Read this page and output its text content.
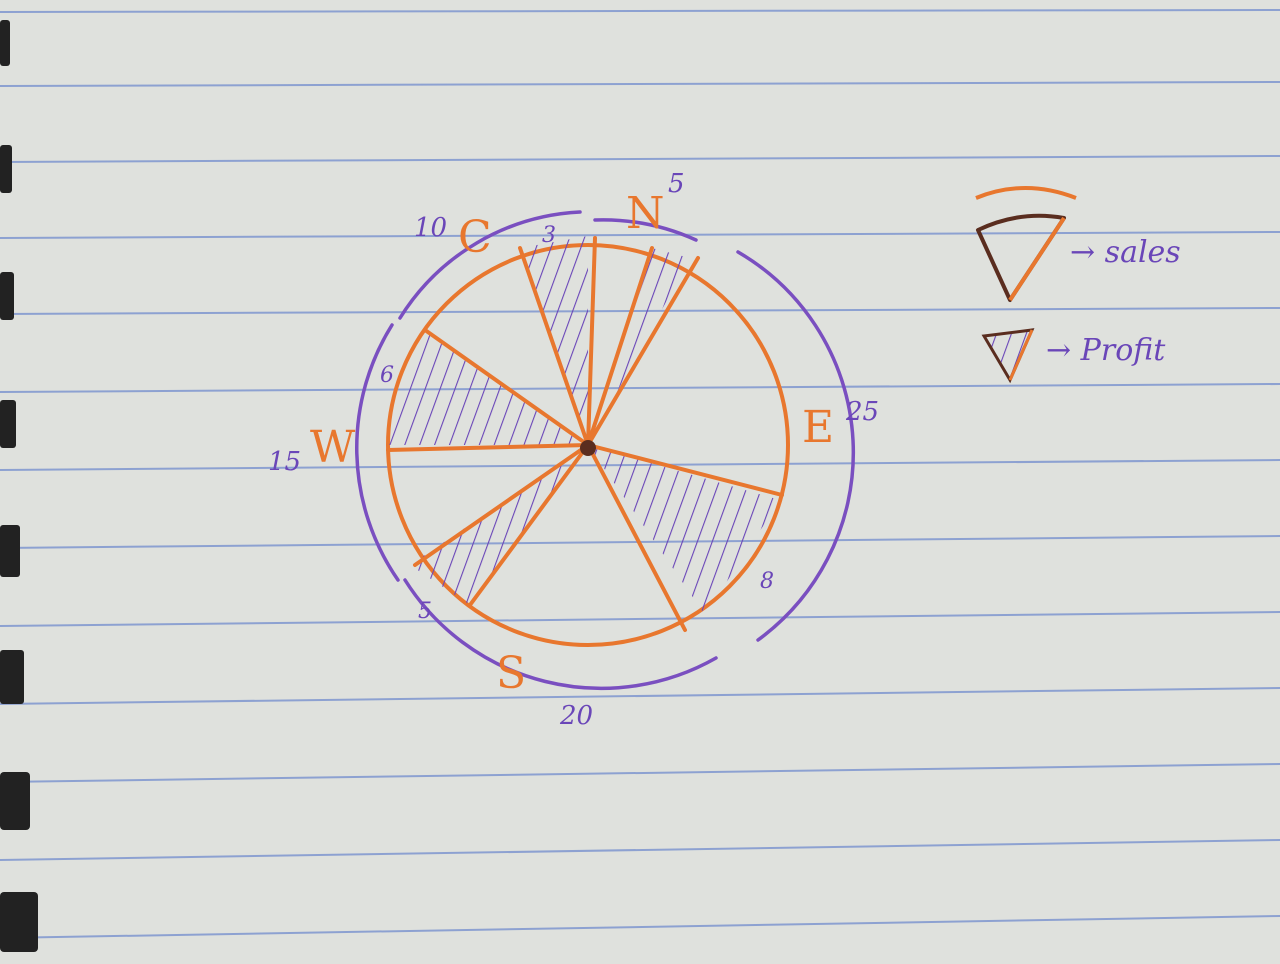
N
E
S
W
C
5
25
20
15
10
8
6
3
5
→ sales
→ Profit
